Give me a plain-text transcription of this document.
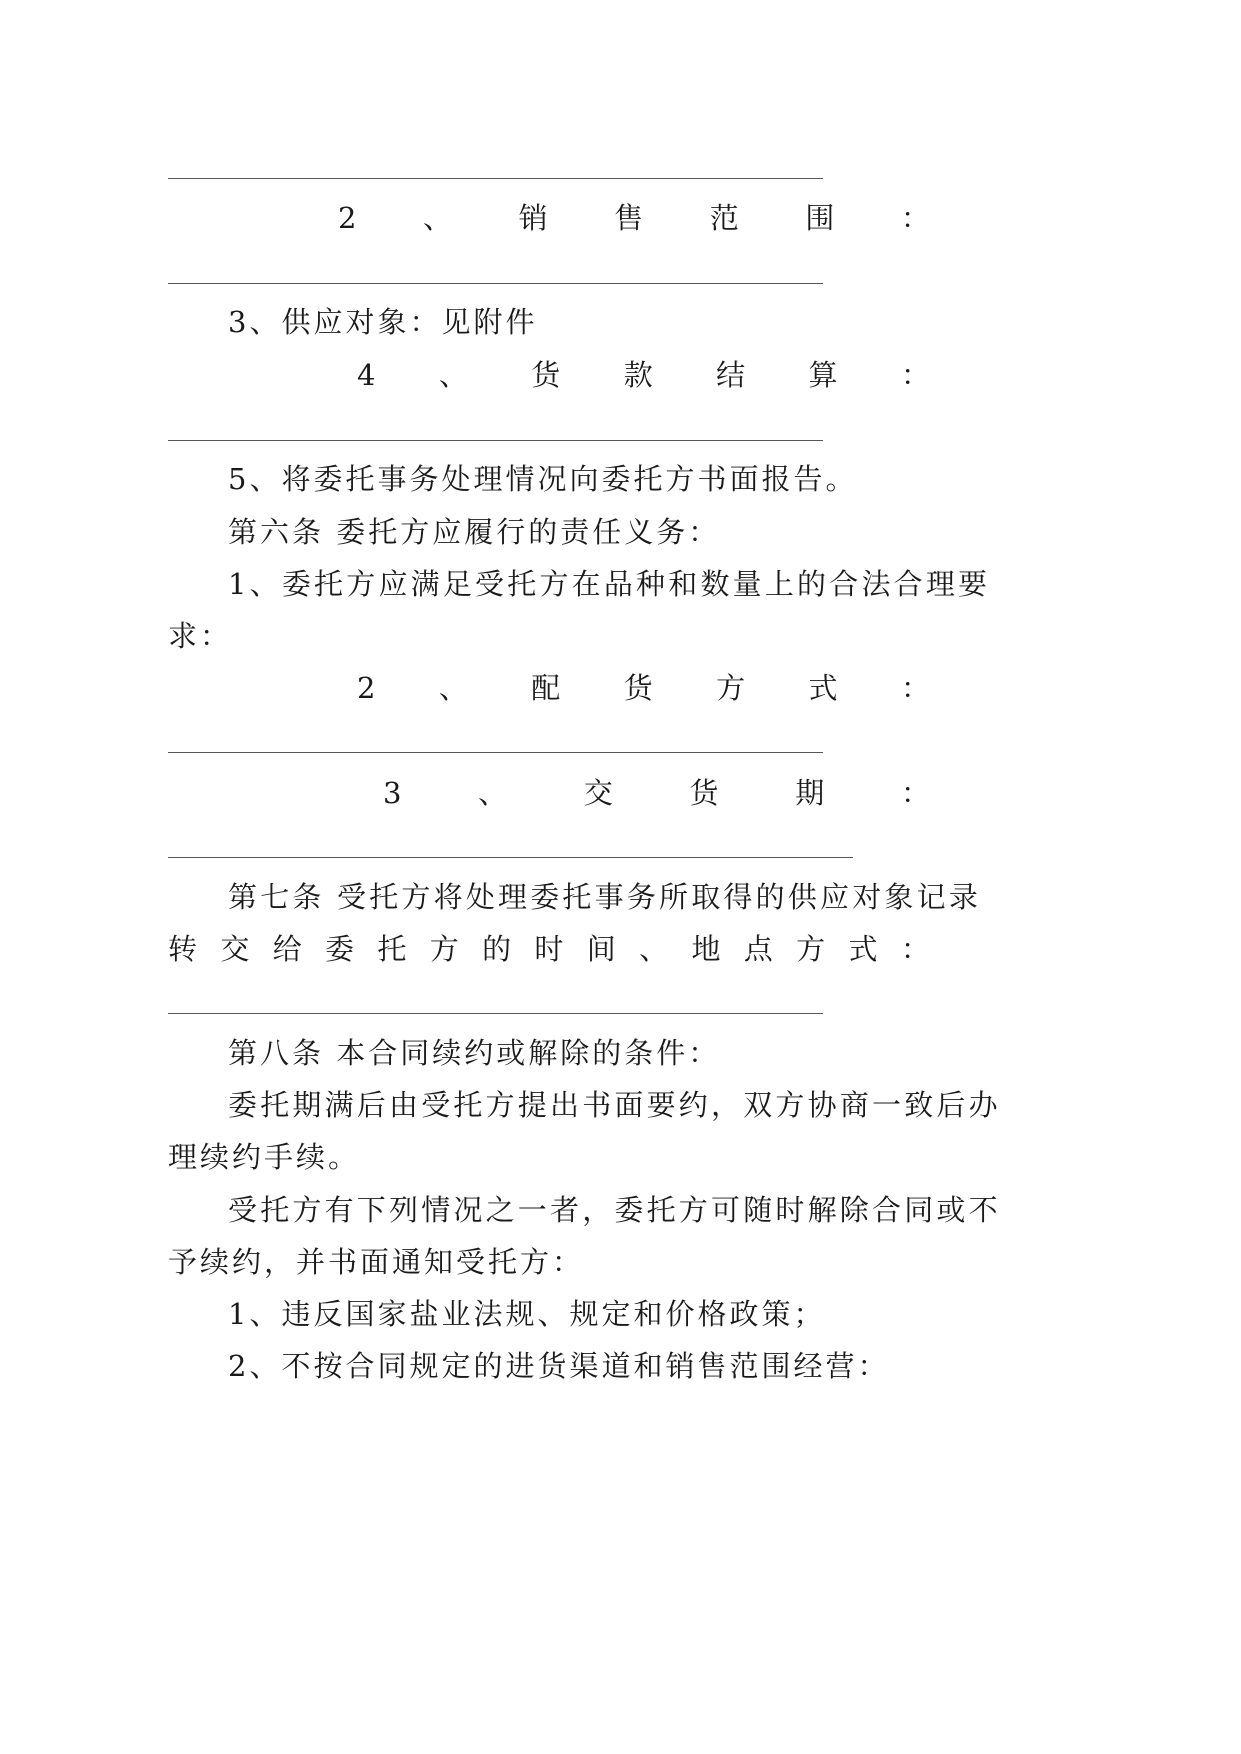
2 、 销 售 范 围 ：
3、供应对象：见附件
4 、 货 款 结 算 ：
5、将委托事务处理情况向委托方书面报告。
第六条 委托方应履行的责任义务：
1、委托方应满足受托方在品种和数量上的合法合理要
求：
2 、 配 货 方 式 ：
3	、	交	货	期	：
第七条 受托方将处理委托事务所取得的供应对象记录
转 交 给 委 托 方 的 时 间 、 地 点 方 式 ：
第八条 本合同续约或解除的条件：
委托期满后由受托方提出书面要约，双方协商一致后办
理续约手续。
受托方有下列情况之一者，委托方可随时解除合同或不
予续约，并书面通知受托方：
1、违反国家盐业法规、规定和价格政策；
2、不按合同规定的进货渠道和销售范围经营：
